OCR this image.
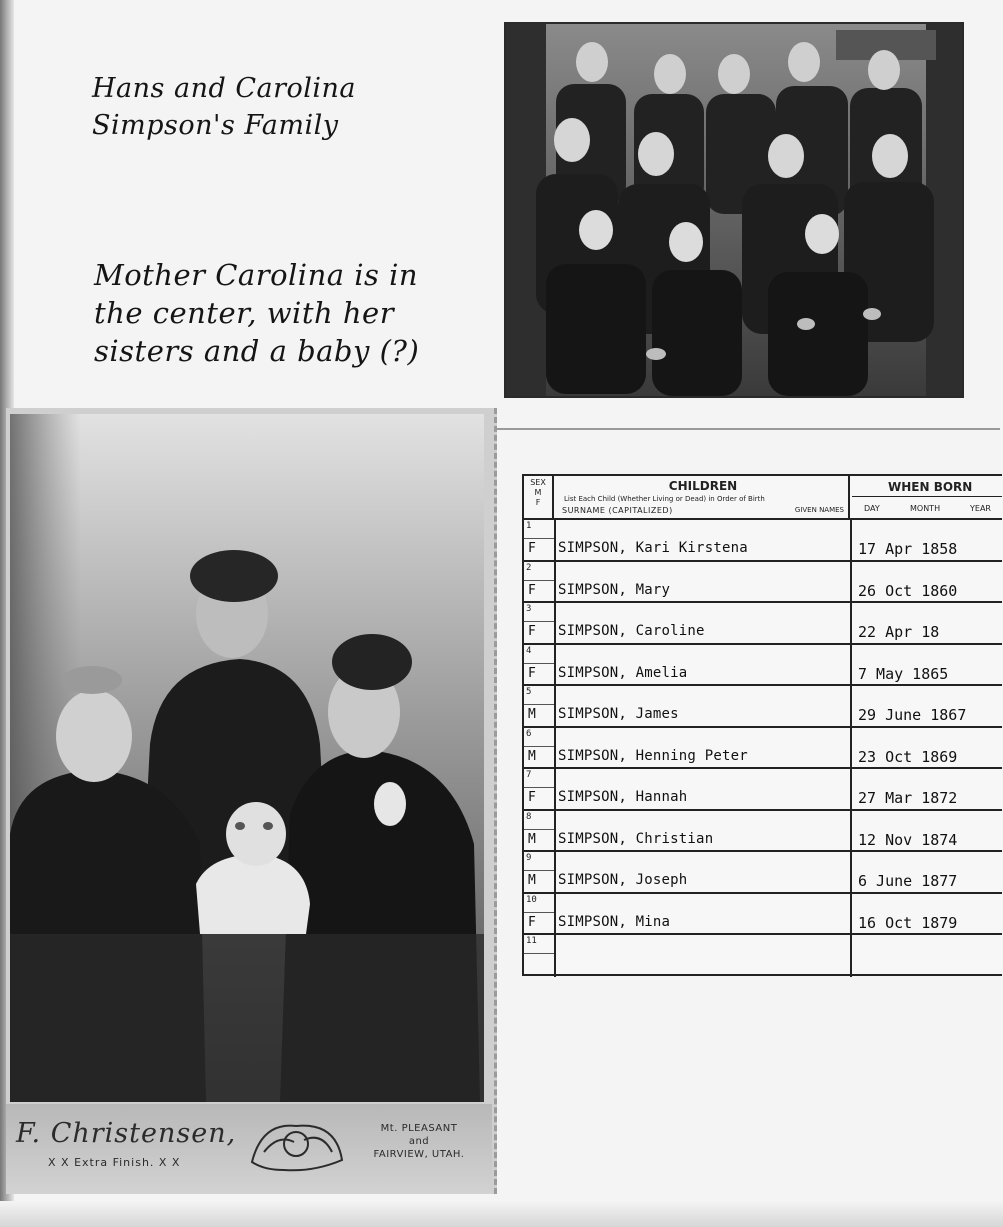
Hans and Carolina
Simpson's Family
Mother Carolina is in
the center, with her
sisters and a baby (?)
F. Christensen,
X X Extra Finish. X X
Mt. PLEASANT
and
FAIRVIEW, UTAH.
SEX
M
F
CHILDREN
List Each Child (Whether Living or Dead) in Order of Birth
SURNAME (CAPITALIZED)	GIVEN NAMES
WHEN BORN
DAY	MONTH	YEAR
1
F SIMPSON, Kari Kirstena	17 Apr 1858
2
F SIMPSON, Mary	26 Oct 1860
3
F SIMPSON, Caroline	22 Apr 18
4
F SIMPSON, Amelia	7 May 1865
5
M SIMPSON, James	29 June 1867
6
M SIMPSON, Henning Peter	23 Oct 1869
7
F SIMPSON, Hannah	27 Mar 1872
8
M SIMPSON, Christian	12 Nov 1874
9
M SIMPSON, Joseph	6 June 1877
10
F SIMPSON, Mina	16 Oct 1879
11
